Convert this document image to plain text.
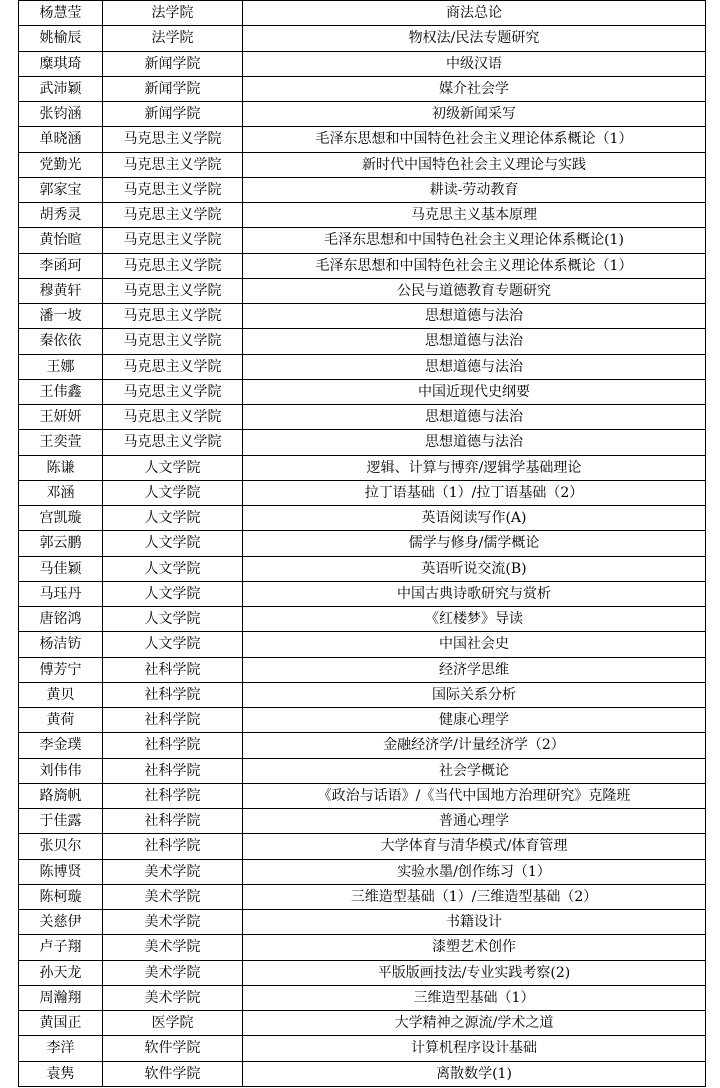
杨慧莹	法学院	商法总论
姚榆辰	法学院	物权法/民法专题研究
糜琪琦	新闻学院	中级汉语
武沛颖	新闻学院	媒介社会学
张钧涵	新闻学院	初级新闻采写
单晓涵	马克思主义学院	毛泽东思想和中国特色社会主义理论体系概论（1）
党勤光	马克思主义学院	新时代中国特色社会主义理论与实践
郭家宝	马克思主义学院	耕读-劳动教育
胡秀灵	马克思主义学院	马克思主义基本原理
黄怡暄	马克思主义学院	毛泽东思想和中国特色社会主义理论体系概论(1)
李函珂	马克思主义学院	毛泽东思想和中国特色社会主义理论体系概论（1）
穆黄轩	马克思主义学院	公民与道德教育专题研究
潘一坡	马克思主义学院	思想道德与法治
秦依依	马克思主义学院	思想道德与法治
王娜	马克思主义学院	思想道德与法治
王伟鑫	马克思主义学院	中国近现代史纲要
王妍妍	马克思主义学院	思想道德与法治
王奕萱	马克思主义学院	思想道德与法治
陈谦	人文学院	逻辑、计算与博弈/逻辑学基础理论
邓涵	人文学院	拉丁语基础（1）/拉丁语基础（2）
宫凯璇	人文学院	英语阅读写作(A)
郭云鹏	人文学院	儒学与修身/儒学概论
马佳颖	人文学院	英语听说交流(B)
马珏丹	人文学院	中国古典诗歌研究与赏析
唐铭鸿	人文学院	《红楼梦》导读
杨洁钫	人文学院	中国社会史
傅芳宁	社科学院	经济学思维
黄贝	社科学院	国际关系分析
黄荷	社科学院	健康心理学
李金璞	社科学院	金融经济学/计量经济学（2）
刘伟伟	社科学院	社会学概论
路旖帆	社科学院	《政治与话语》/《当代中国地方治理研究》克隆班
于佳露	社科学院	普通心理学
张贝尔	社科学院	大学体育与清华模式/体育管理
陈博贤	美术学院	实验水墨/创作练习（1）
陈柯璇	美术学院	三维造型基础（1）/三维造型基础（2）
关慈伊	美术学院	书籍设计
卢子翔	美术学院	漆塑艺术创作
孙天龙	美术学院	平版版画技法/专业实践考察(2)
周瀚翔	美术学院	三维造型基础（1）
黄国正	医学院	大学精神之源流/学术之道
李洋	软件学院	计算机程序设计基础
袁隽	软件学院	离散数学(1)
